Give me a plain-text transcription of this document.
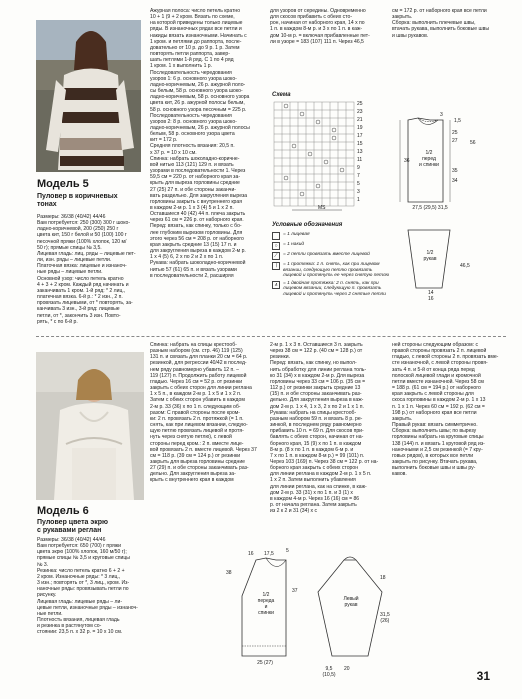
Модель 5
Пуловер в коричневых
тонах
Размеры: 36/38 (40/42) 44/46
Вам потребуется: 250 (300) 300 г шоко-
ладно-коричневой, 200 (250) 250 г
цвета кит, 150 г белой и 50 (100) 100 г
песочной пряжи (100% хлопок, 120 м/
50 г); прямые спицы № 3,5.
Лицевая гладь: лиц. ряды – лицевые пет-
ли, изн. ряды – лицевые петли.
Платочная вязка: лицевые и изнаноч-
ные ряды – лицевые петли.
Основной узор: число петель кратно
4 + 3 + 2 кром. Каждый ряд начинать и
заканчивать 1 кром. 1-й ряд: * 2 лиц.,
платечная вязка. 6-й р.: * 2 изн., 2 п.
провязать лицевыми, от * повторять, за-
канчивать 3 изн., 3-й ряд: лицевые
петли, от *, закончить 3 изн. Повто-
рять, * с по 6-й р.
Ажурная полоса: число петель кратно
10 + 1 (9 + 2 кром. Вязать по схеме,
на которой приведены только лицевые
ряды. В изнаночных рядах все петли и
накиды вязать изнаночными. Начинать с
1 кром. и петлями до раппорта, после-
довательно от 10 р. до 9 р. 1 р. Затем
повторять петли раппорта, завер-
шать петлями 1-й ряд. С 1 по 4 ряд
1 кром. 1 х выполнить 1 р.
Последовательность чередования
узоров 1: 6 р. основного узора шоко-
ладно-коричневым, 26 р. ажурной поло-
сы белым, 58 р. основного узора шоко-
ладно-коричневым, 58 р. основного узора
цвета кит, 26 р. ажурной полосы белым,
58 р. основного узора песочным = 225 р.
Последовательность чередования
узоров 2: 8 р. основного узора шоко-
ладно-коричневым, 26 р. ажурной полосы
белым, 58 р. основного узора цвета
кит = 172 р.
Средняя плотность вязания: 20,5 п.
х 37 р. = 10 х 10 см.
Спинка: набрать шоколадно-коричне-
вой нитью 113 (121) 129 п. и вязать
узорами в последовательности 1. Через
59,5 см = 220 р. от наборного края за-
крыть для выреза горловины средние
27 (25) 27 п. и обе стороны заканчи-
вать раздельно. Для закругления выреза
горловины закрыть с внутреннего края
в каждом 2-м р. 1 х 3 (4) 5 и 1 х 2 п.
Оставшиеся 40 (42) 44 п. плеча закрыть
через 61 см = 226 р. от наборного края.
Перед: вязать, как спинку, только с бо-
лее глубоким вырезом горловины. Для
этого через 56 см = 208 р. от наборного
края закрыть средние 13 (15) 17 п. и
для закругления выреза в каждом 2-м р.
1 х 4 (5) 6, 2 х по 2 и 2 х по 1 п.
Рукава: набрать шоколадно-коричневой
нитью 57 (61) 65 п. и вязать узорами
в последовательности 2, расширяя
для узоров от середины. Одновременно
для скосов прибавить с обеих сто-
рон, начиная от наборного края, 14 х по
1 п. в каждом 8-м р. и 3 х по 1 п. в каж-
дом 10-м р. = включая прибавленные пет-
ли в узоре = 183 (107) 111 п. Через 46,5
см = 172 р. от наборного края все петли
закрыть.
Сборка: выполнить плечевые швы,
втачать рукава, выполнить боковые швы
и швы рукавов.
Схема
MS
25
23
21
19
17
15
13
11
9
7
5
3
1
Условные обозначения
= 1 лицевая
○	= 1 накид
⁄	= 2 петли провязать вместе лицевой
∖	= 1 протяжка: 1 п. снять, как при лицевом вязании, следующую петлю провязать лицевой и протянуть ее через снятую петлю
∧	= 1 двойная протяжка: 2 п. снять, как при лицевом вязании, следующую п. провязать лицевой и протянуть через 2 снятые петли
1/2
перед
и спинки
3
1,5
25
27 56
36
35
34
27,5 (29,5) 31,5
1/2
рукав
46,5
14
16
Модель 6
Пуловер цвета экрю
с рукавами реглан
Размеры: 36/38 (40/42) 44/46
Вам потребуется: 650 (700) г пряжи
цвета экрю (100% хлопок, 160 м/50 г);
прямые спицы № 3,5 и круговые спицы
№ 3.
Резинка: число петель кратно 6 + 2 +
2 кром. Изнаночные ряды: * 3 лиц.,
3 изн.; повторять от *, 3 лиц., кром. Из-
наночные ряды: провязывать петли по
рисунку.
Лицевая гладь: лицевые ряды – ли-
цевые петли, изнаночные ряды – изнаноч-
ные петли.
Плотность вязания, лицевая гладь
и резинка в растянутом со-
стоянии: 23,5 п. х 32 р. = 10 х 10 см.
Спинка: набрать на спицы крестооб-
разным набором (см. стр. 46) 119 (125)
131 п. и связать для планки 20 см = 64 р.
резинкой, для регрессии 40/42 в послед-
нем ряду равномерно убавить 12 п. –
119 (127) п. Продолжить работу лицевой
гладью. Через 16 см = 52 р. от резинки
закрыть с обеих сторон для линии реглана
1 х 5 п., в каждом 2-м р. 1 х 5 и 1 х 2 п.
Затем с обеих сторон убавить в каждом
2-м р. 33 (36) х по 1 п. следующим об-
разом: С правой стороны после кром-
ки: 2 п. провязать 2 п. протяжкой (= 1 п.
снять, как при лицевом вязании, следую-
щую петлю провязать лицевой и протя-
нуть через снятую петлю), с левой
стороны перед кром.: 2 п. вместе лице-
вой провязать 2 п. вместе лицевой. Через 37
см = 118 р. (39 см = 124 р.) от резинки
закрыть для выреза горловины средние
27 (29) п. и обе стороны заканчивать раз-
дельно. Для закругления выреза за-
крыть с внутреннего края в каждом
2-м р. 1 х 3 п. Оставшиеся 3 п. закрыть
через 38 см = 122 р. (40 см = 128 р.) от
резинки.
Перед: вязать, как спинку, но выпол-
нить обработку для линии реглана толь-
ко 31 (34) х в каждом 2-м р. Для выреза
горловины через 33 см = 106 р. (35 см =
112 р.) от резинки закрыть средние 13
(15) п. и обе стороны заканчивать раз-
дельно. Для закругления выреза в каж-
дом 2-м р. 1 х 4, 1 х 3, 2 х по 2 и 1 х 1 п.
Рукава: набрать на спицы крестооб-
разным набором 59 п. и вязать 8 р. ре-
зинкой, в последнем ряду равномерно
прибавить 10 п. = 69 п. Для скосов при-
бавлять с обеих сторон, начиная от на-
борного края, 15 (9) х по 1 п. в каждом
8-м р. (8 х по 1 п. в каждом 6-м р. и
7 х по 1 п. в каждом 8-м р.) = 99 (101) п.
Через 103 (169) п. Через 38 см = 122 р. от на-
борного края закрыть с обеих сторон
для линии реглана в каждом 2-м р. 1 х 5 п.
1 х 2 п. Затем выполнить убавления
для линии реглана, как на спинке, в каж-
дом 2-м р. 33 (31) х по 1 п. и 3 (1) х
в каждом 4-м р. Через 16 (16) см = 86
р. от начала реглана. Затем закрыть
из 2 к 2 и 31 (34) х с
ней стороны следующим образом: с
правой стороны провязать 2 п. лицевой
гладью, с левой стороны 2 п. провязать вме-
сте изнаночной, с левой стороны провя-
зать 4 п. и 5-й от конца ряда перед
полоской лицевой глади и кромочной
петли вместе изнаночной. Через 58 см
= 188 р. (61 см = 194 р.) от наборного
края закрыть с левой стороны для
скоса горловины в каждом 2-м р. 1 х 13
п. 1 х 1 п. Через 60 см = 192 р. (62 см =
198 р.) от наборного края все петли
закрыть.
Правый рукав: вязать симметрично.
Сборка: выполнить швы; по вырезу
горловины набрать на круговые спицы
138 (144) п. и вязать 1 круговой ряд из-
наночными и 2,5 см резинкой (= 7 кру-
говых рядов), в которых все петли
закрыть по рисунку. Втачать рукава,
выполнить боковые швы и швы ру-
кавов.
1/2
переда
и
спинки
16 17,5 5
38
37
25 (27)
Левый
рукав
18
31,5
(26)
20
9,5
(10,5)	31
